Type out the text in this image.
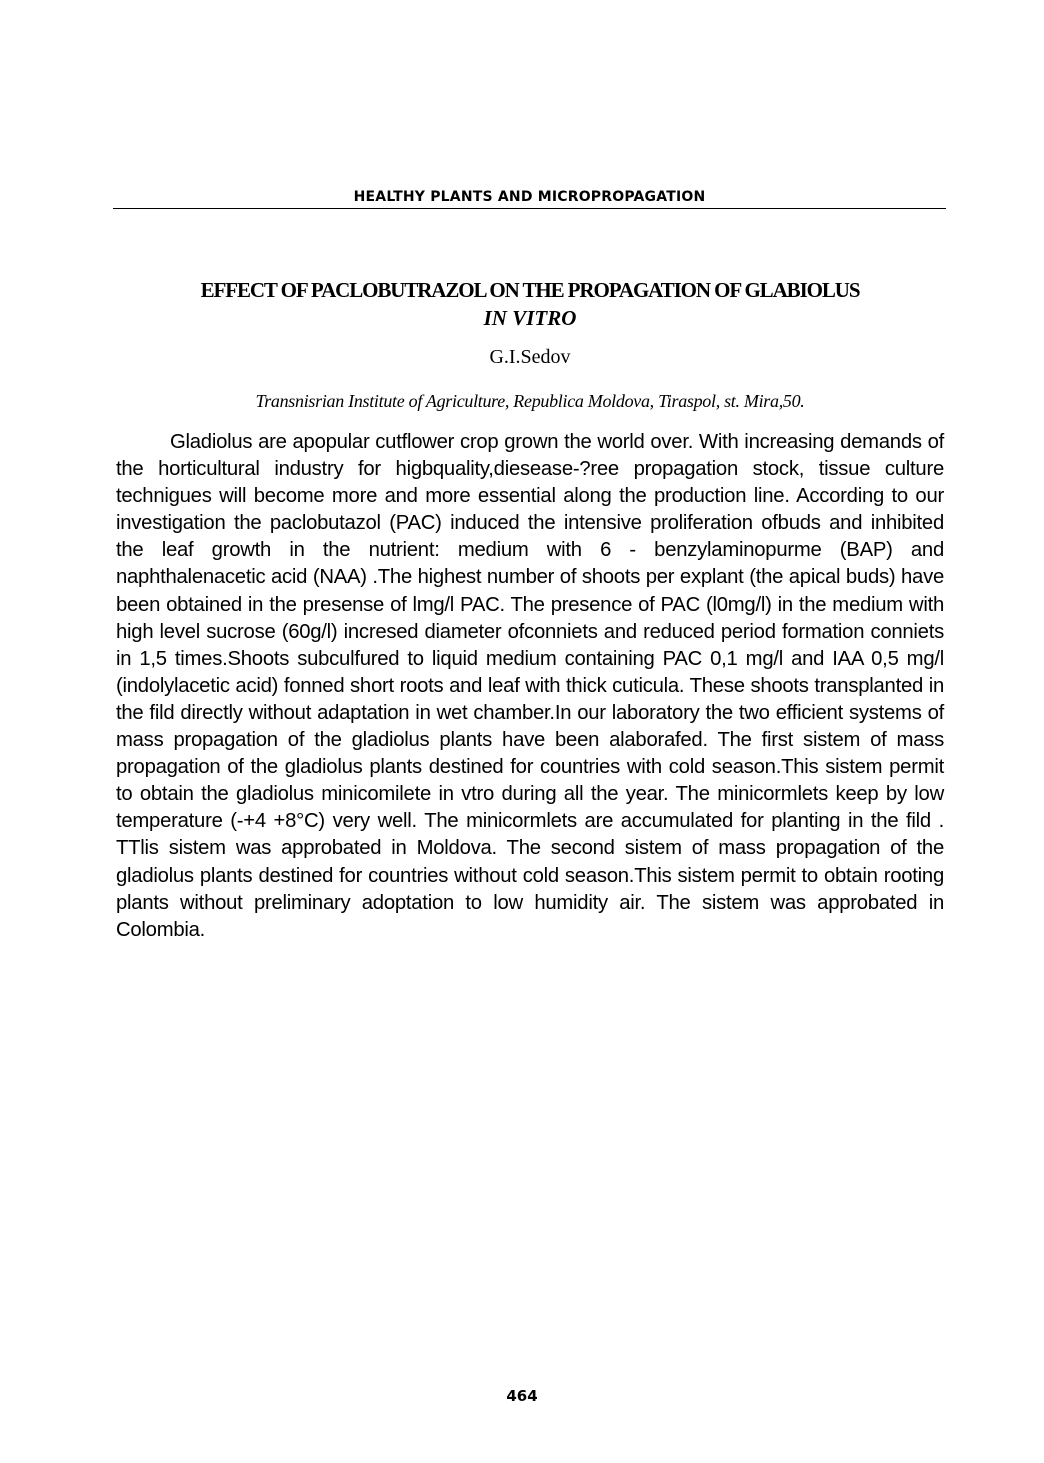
HEALTHY PLANTS AND MICROPROPAGATION
EFFECT OF PACLOBUTRAZOL ON THE PROPAGATION OF GLABIOLUS
IN VITRO
G.I.Sedov
Transnisrian Institute of Agriculture, Republica Moldova, Tiraspol, st. Mira,50.

Gladiolus are apopular cutflower crop grown the world over. With increasing demands of the horticultural industry for higbquality,diesease-?ree propagation stock, tissue culture technigues will become more and more essential along the production line. According to our investigation the paclobutazol (PAC) induced the intensive proliferation ofbuds and inhibited the leaf growth in the nutrient: medium with 6 - benzylaminopurme (BAP) and naphthalenacetic acid (NAA) .The highest number of shoots per explant (the apical buds) have been obtained in the presense of lmg/l PAC. The presence of PAC (l0mg/l) in the medium with high level sucrose (60g/l) incresed diameter ofconniets and reduced period formation conniets in 1,5 times.Shoots subculfured to liquid medium containing PAC 0,1 mg/l and IAA 0,5 mg/l (indolylacetic acid) fonned short roots and leaf with thick cuticula. These shoots transplanted in the fild directly without adaptation in wet chamber.In our laboratory the two efficient systems of mass propagation of the gladiolus plants have been alaborafed. The first sistem of mass propagation of the gladiolus plants destined for countries with cold season.This sistem permit to obtain the gladiolus minicomilete in vtro during all the year. The minicormlets keep by low temperature (-+4 +8°C) very well. The minicormlets are accumulated for planting in the fild . TTlis sistem was approbated in Moldova. The second sistem of mass propagation of the gladiolus plants destined for countries without cold season.This sistem permit to obtain rooting plants without preliminary adoptation to low humidity air. The sistem was approbated in Colombia.

464
